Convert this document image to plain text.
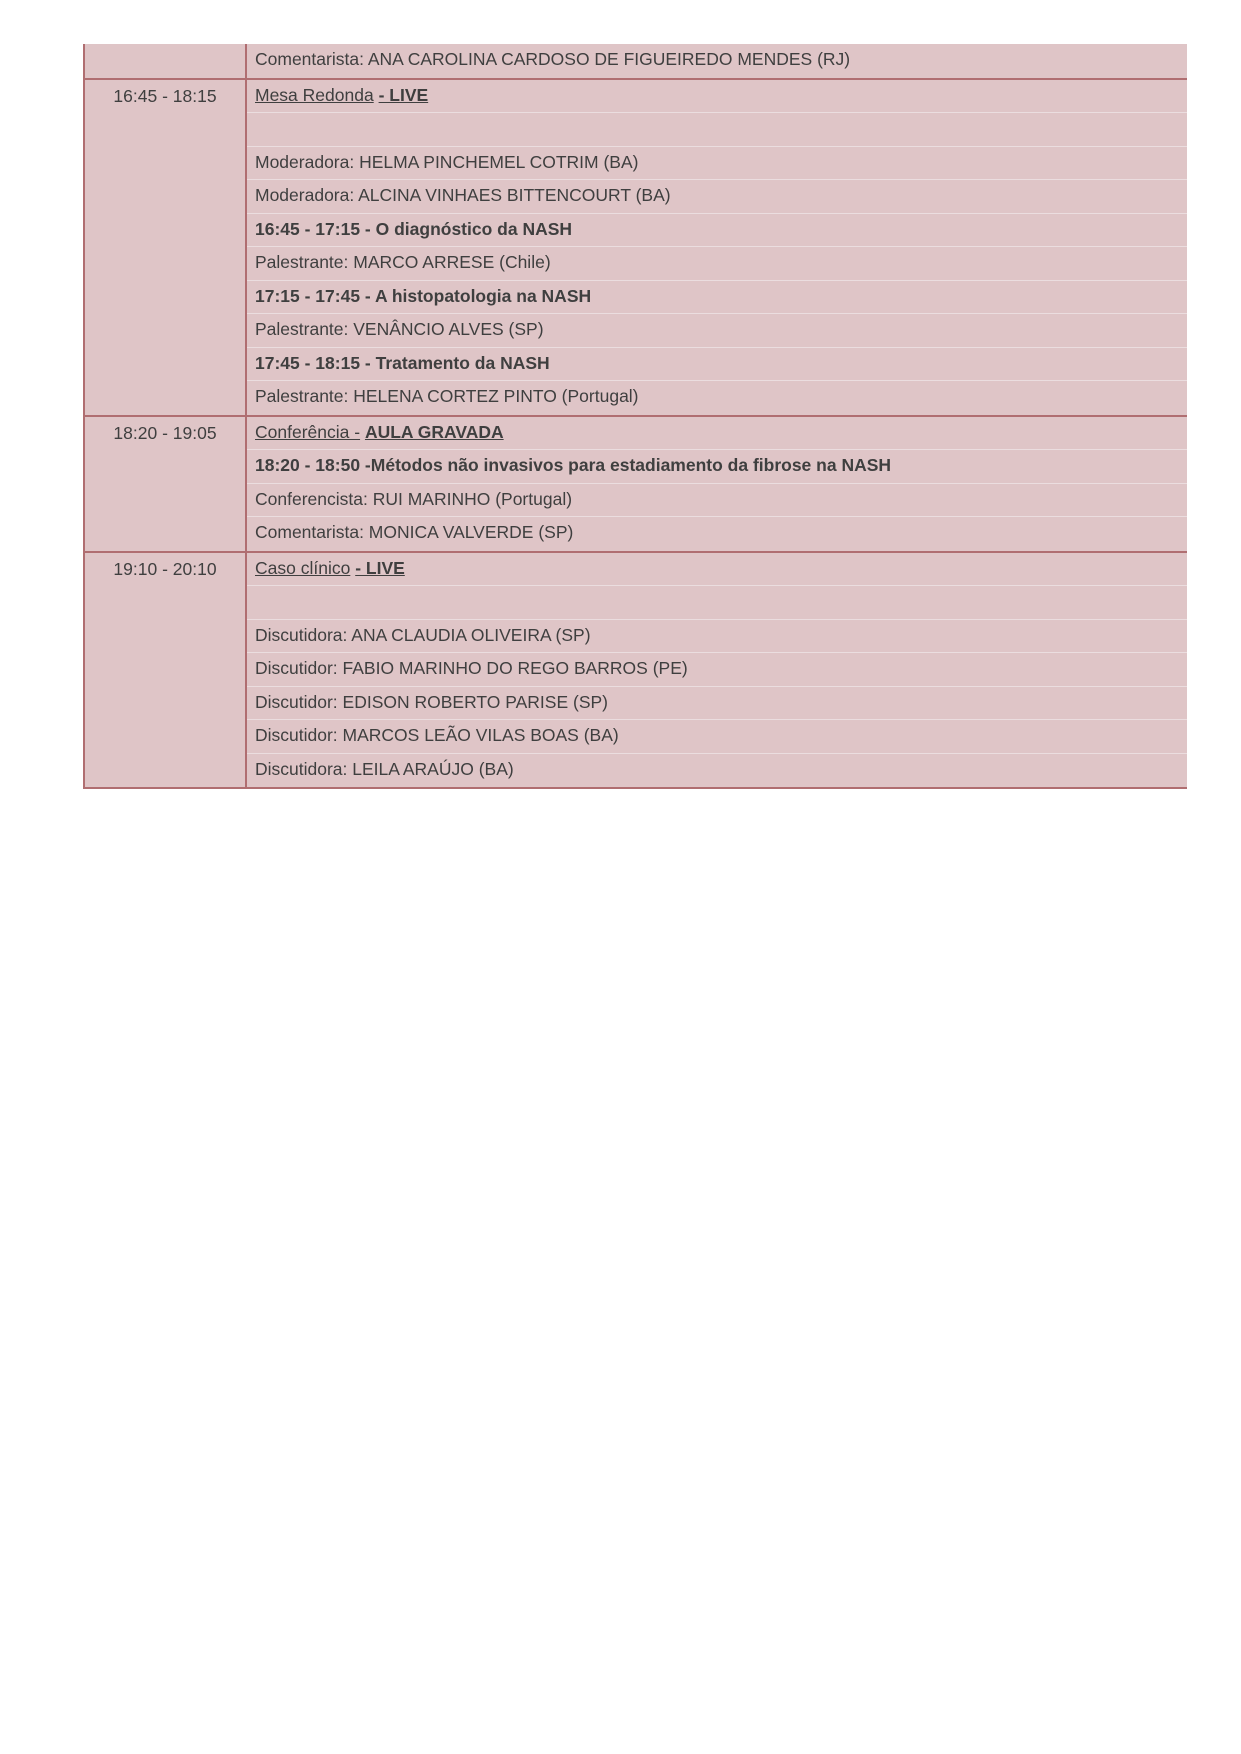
Comentarista: ANA CAROLINA CARDOSO DE FIGUEIREDO MENDES (RJ)
16:45 - 18:15	Mesa Redonda - LIVE
Moderadora: HELMA PINCHEMEL COTRIM (BA)
Moderadora: ALCINA VINHAES BITTENCOURT (BA)
16:45 - 17:15 - O diagnóstico da NASH
Palestrante: MARCO ARRESE (Chile)
17:15 - 17:45 - A histopatologia na NASH
Palestrante: VENÂNCIO ALVES (SP)
17:45 - 18:15 - Tratamento da NASH
Palestrante: HELENA CORTEZ PINTO (Portugal)
18:20 - 19:05	Conferência - AULA GRAVADA
18:20 - 18:50 -Métodos não invasivos para estadiamento da fibrose na NASH
Conferencista: RUI MARINHO (Portugal)
Comentarista: MONICA VALVERDE (SP)
19:10 - 20:10	Caso clínico - LIVE
Discutidora: ANA CLAUDIA OLIVEIRA (SP)
Discutidor: FABIO MARINHO DO REGO BARROS (PE)
Discutidor: EDISON ROBERTO PARISE (SP)
Discutidor: MARCOS LEÃO VILAS BOAS (BA)
Discutidora: LEILA ARAÚJO (BA)
